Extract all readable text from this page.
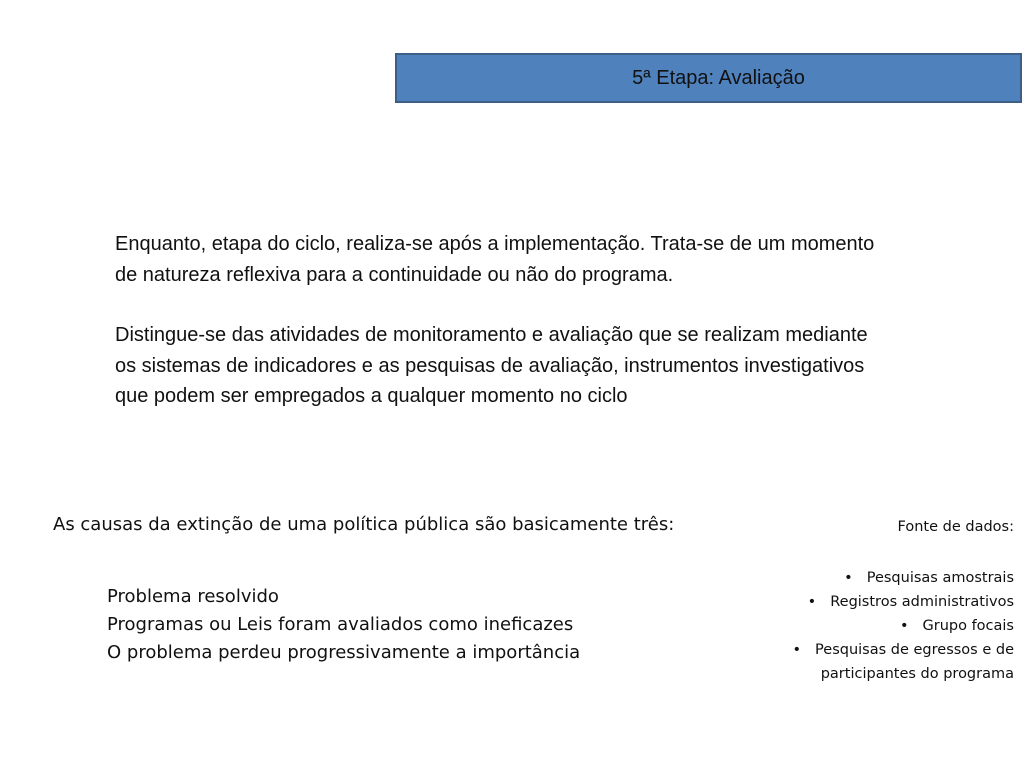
5ª Etapa: Avaliação

Enquanto, etapa do ciclo, realiza-se após a implementação. Trata-se de um momento de natureza reflexiva para a continuidade ou não do programa.

Distingue-se das atividades de monitoramento e avaliação que se realizam mediante os sistemas de indicadores e as pesquisas de avaliação, instrumentos investigativos que podem ser empregados a qualquer momento no ciclo

As causas da extinção de uma política pública são basicamente três:

Problema resolvido
Programas ou Leis foram avaliados como ineficazes
O problema perdeu progressivamente a importância

Fonte de dados:

• Pesquisas amostrais
• Registros administrativos
• Grupo focais
• Pesquisas de egressos e de participantes do programa
